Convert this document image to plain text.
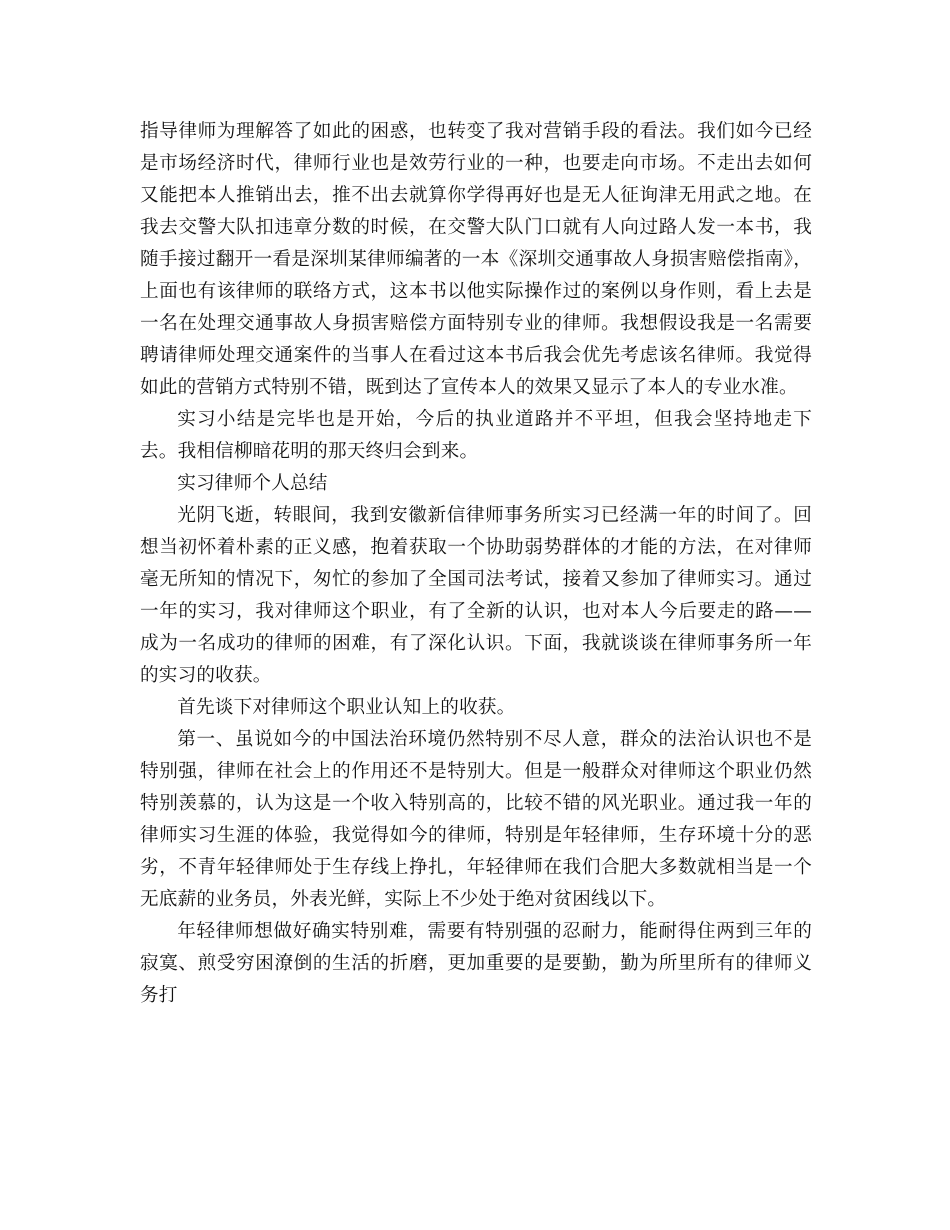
指导律师为理解答了如此的困惑，也转变了我对营销手段的看法。我们如今已经是市场经济时代，律师行业也是效劳行业的一种，也要走向市场。不走出去如何又能把本人推销出去，推不出去就算你学得再好也是无人征询津无用武之地。在我去交警大队扣违章分数的时候，在交警大队门口就有人向过路人发一本书，我随手接过翻开一看是深圳某律师编著的一本《深圳交通事故人身损害赔偿指南》，上面也有该律师的联络方式，这本书以他实际操作过的案例以身作则，看上去是一名在处理交通事故人身损害赔偿方面特别专业的律师。我想假设我是一名需要聘请律师处理交通案件的当事人在看过这本书后我会优先考虑该名律师。我觉得如此的营销方式特别不错，既到达了宣传本人的效果又显示了本人的专业水准。

实习小结是完毕也是开始，今后的执业道路并不平坦，但我会坚持地走下去。我相信柳暗花明的那天终归会到来。

实习律师个人总结

光阴飞逝，转眼间，我到安徽新信律师事务所实习已经满一年的时间了。回想当初怀着朴素的正义感，抱着获取一个协助弱势群体的才能的方法，在对律师毫无所知的情况下，匆忙的参加了全国司法考试，接着又参加了律师实习。通过一年的实习，我对律师这个职业，有了全新的认识，也对本人今后要走的路——成为一名成功的律师的困难，有了深化认识。下面，我就谈谈在律师事务所一年的实习的收获。

首先谈下对律师这个职业认知上的收获。

第一、虽说如今的中国法治环境仍然特别不尽人意，群众的法治认识也不是特别强，律师在社会上的作用还不是特别大。但是一般群众对律师这个职业仍然特别羡慕的，认为这是一个收入特别高的，比较不错的风光职业。通过我一年的律师实习生涯的体验，我觉得如今的律师，特别是年轻律师，生存环境十分的恶劣，不青年轻律师处于生存线上挣扎，年轻律师在我们合肥大多数就相当是一个无底薪的业务员，外表光鲜，实际上不少处于绝对贫困线以下。

年轻律师想做好确实特别难，需要有特别强的忍耐力，能耐得住两到三年的寂寞、煎受穷困潦倒的生活的折磨，更加重要的是要勤，勤为所里所有的律师义务打
